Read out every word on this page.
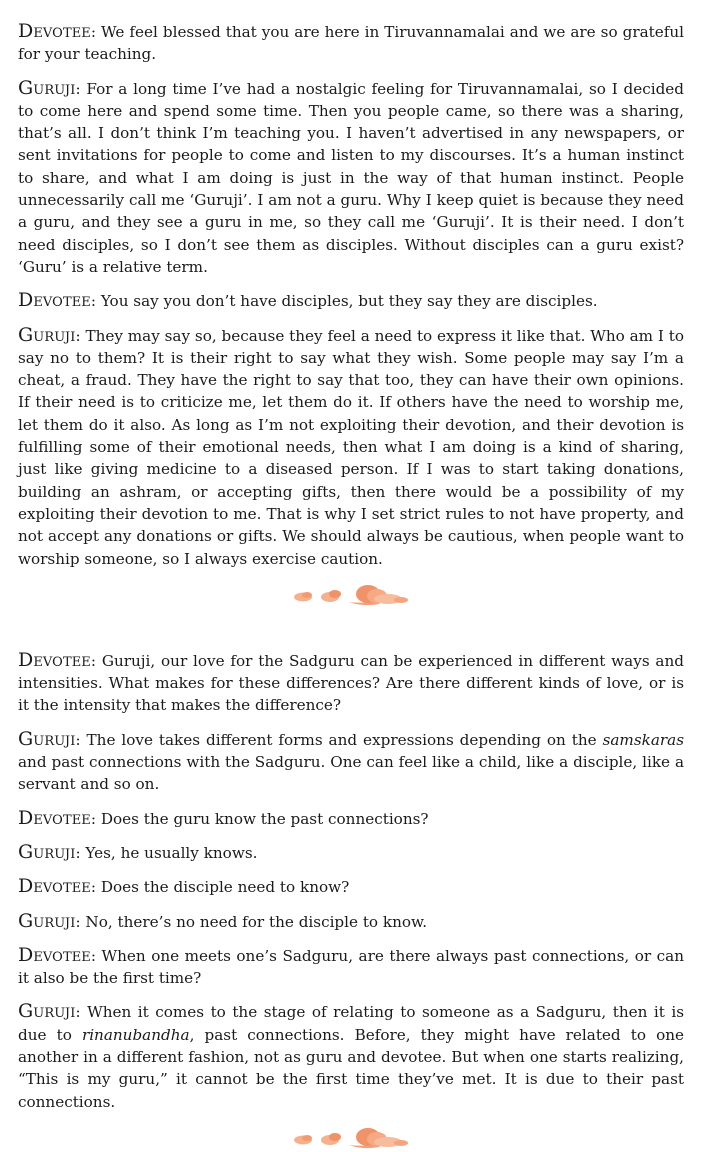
Devotee: We feel blessed that you are here in Tiruvannamalai and we are so grateful for your teaching.

Guruji: For a long time I’ve had a nostalgic feeling for Tiruvannamalai, so I decided to come here and spend some time. Then you people came, so there was a sharing, that’s all. I don’t think I’m teaching you. I haven’t advertised in any newspapers, or sent invitations for people to come and listen to my discourses. It’s a human instinct to share, and what I am doing is just in the way of that human instinct. People unnecessarily call me ‘Guruji’. I am not a guru. Why I keep quiet is because they need a guru, and they see a guru in me, so they call me ‘Guruji’. It is their need. I don’t need disciples, so I don’t see them as disciples. Without disciples can a guru exist? ‘Guru’ is a relative term.

Devotee: You say you don’t have disciples, but they say they are disciples.

Guruji: They may say so, because they feel a need to express it like that. Who am I to say no to them? It is their right to say what they wish. Some people may say I’m a cheat, a fraud. They have the right to say that too, they can have their own opinions. If their need is to criticize me, let them do it. If others have the need to worship me, let them do it also. As long as I’m not exploiting their devotion, and their devotion is fulfilling some of their emotional needs, then what I am doing is a kind of sharing, just like giving medicine to a diseased person. If I was to start taking donations, building an ashram, or accepting gifts, then there would be a possibility of my exploiting their devotion to me. That is why I set strict rules to not have property, and not accept any donations or gifts. We should always be cautious, when people want to worship someone, so I always exercise caution.

Devotee: Guruji, our love for the Sadguru can be experienced in different ways and intensities. What makes for these differences? Are there different kinds of love, or is it the intensity that makes the difference?

Guruji: The love takes different forms and expressions depending on the samskaras and past connections with the Sadguru. One can feel like a child, like a disciple, like a servant and so on.

Devotee: Does the guru know the past connections?

Guruji: Yes, he usually knows.

Devotee: Does the disciple need to know?

Guruji: No, there’s no need for the disciple to know.

Devotee: When one meets one’s Sadguru, are there always past connections, or can it also be the first time?

Guruji: When it comes to the stage of relating to someone as a Sadguru, then it is due to rinanubandha, past connections. Before, they might have related to one another in a different fashion, not as guru and devotee. But when one starts realizing, “This is my guru,” it cannot be the first time they’ve met. It is due to their past connections.
